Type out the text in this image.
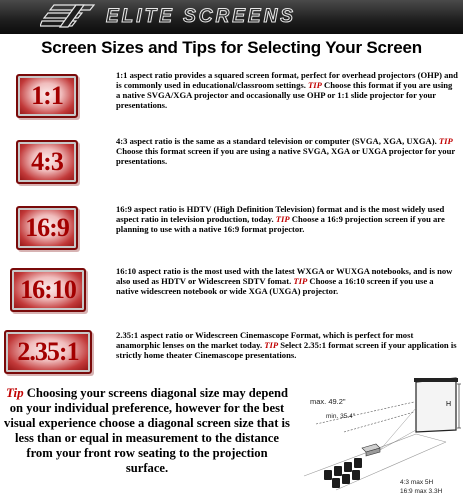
ELITE SCREENS
Screen Sizes and Tips for Selecting Your Screen
1:1

1:1 aspect ratio provides a squared screen format, perfect for overhead projectors (OHP) and is commonly used in educational/classroom settings. TIP Choose this format if you are using a native SVGA/XGA projector and occasionally use OHP or 1:1 slide projector for your presentations.

4:3

4:3 aspect ratio is the same as a standard television or computer (SVGA, XGA, UXGA). TIP Choose this format screen if you are using a native SVGA, XGA or UXGA projector for your presentations.

16:9

16:9 aspect ratio is HDTV (High Definition Television) format and is the most widely used aspect ratio in television production, today. TIP Choose a 16:9 projection screen if you are planning to use with a native 16:9 format projector.

16:10

16:10 aspect ratio is the most used with the latest WXGA or WUXGA notebooks, and is now also used as HDTV or Widescreen SDTV fomat. TIP Choose a 16:10 screen if you use a native widescreen notebook or wide XGA (UXGA) projector.

2.35:1

2.35:1 aspect ratio or Widescreen Cinemascope Format, which is perfect for most anamorphic lenses on the market today. TIP Select 2.35:1 format screen if your application is strictly home theater Cinemascope presentations.

Tip Choosing your screens diagonal size may depend on your individual preference, however for the best visual experience choose a diagonal screen size that is less than or equal in measurement to the distance from your front row seating to the projection surface.

H
max. 49.2"
min. 35.4"
4:3 max 5H
16:9 max 3.3H
